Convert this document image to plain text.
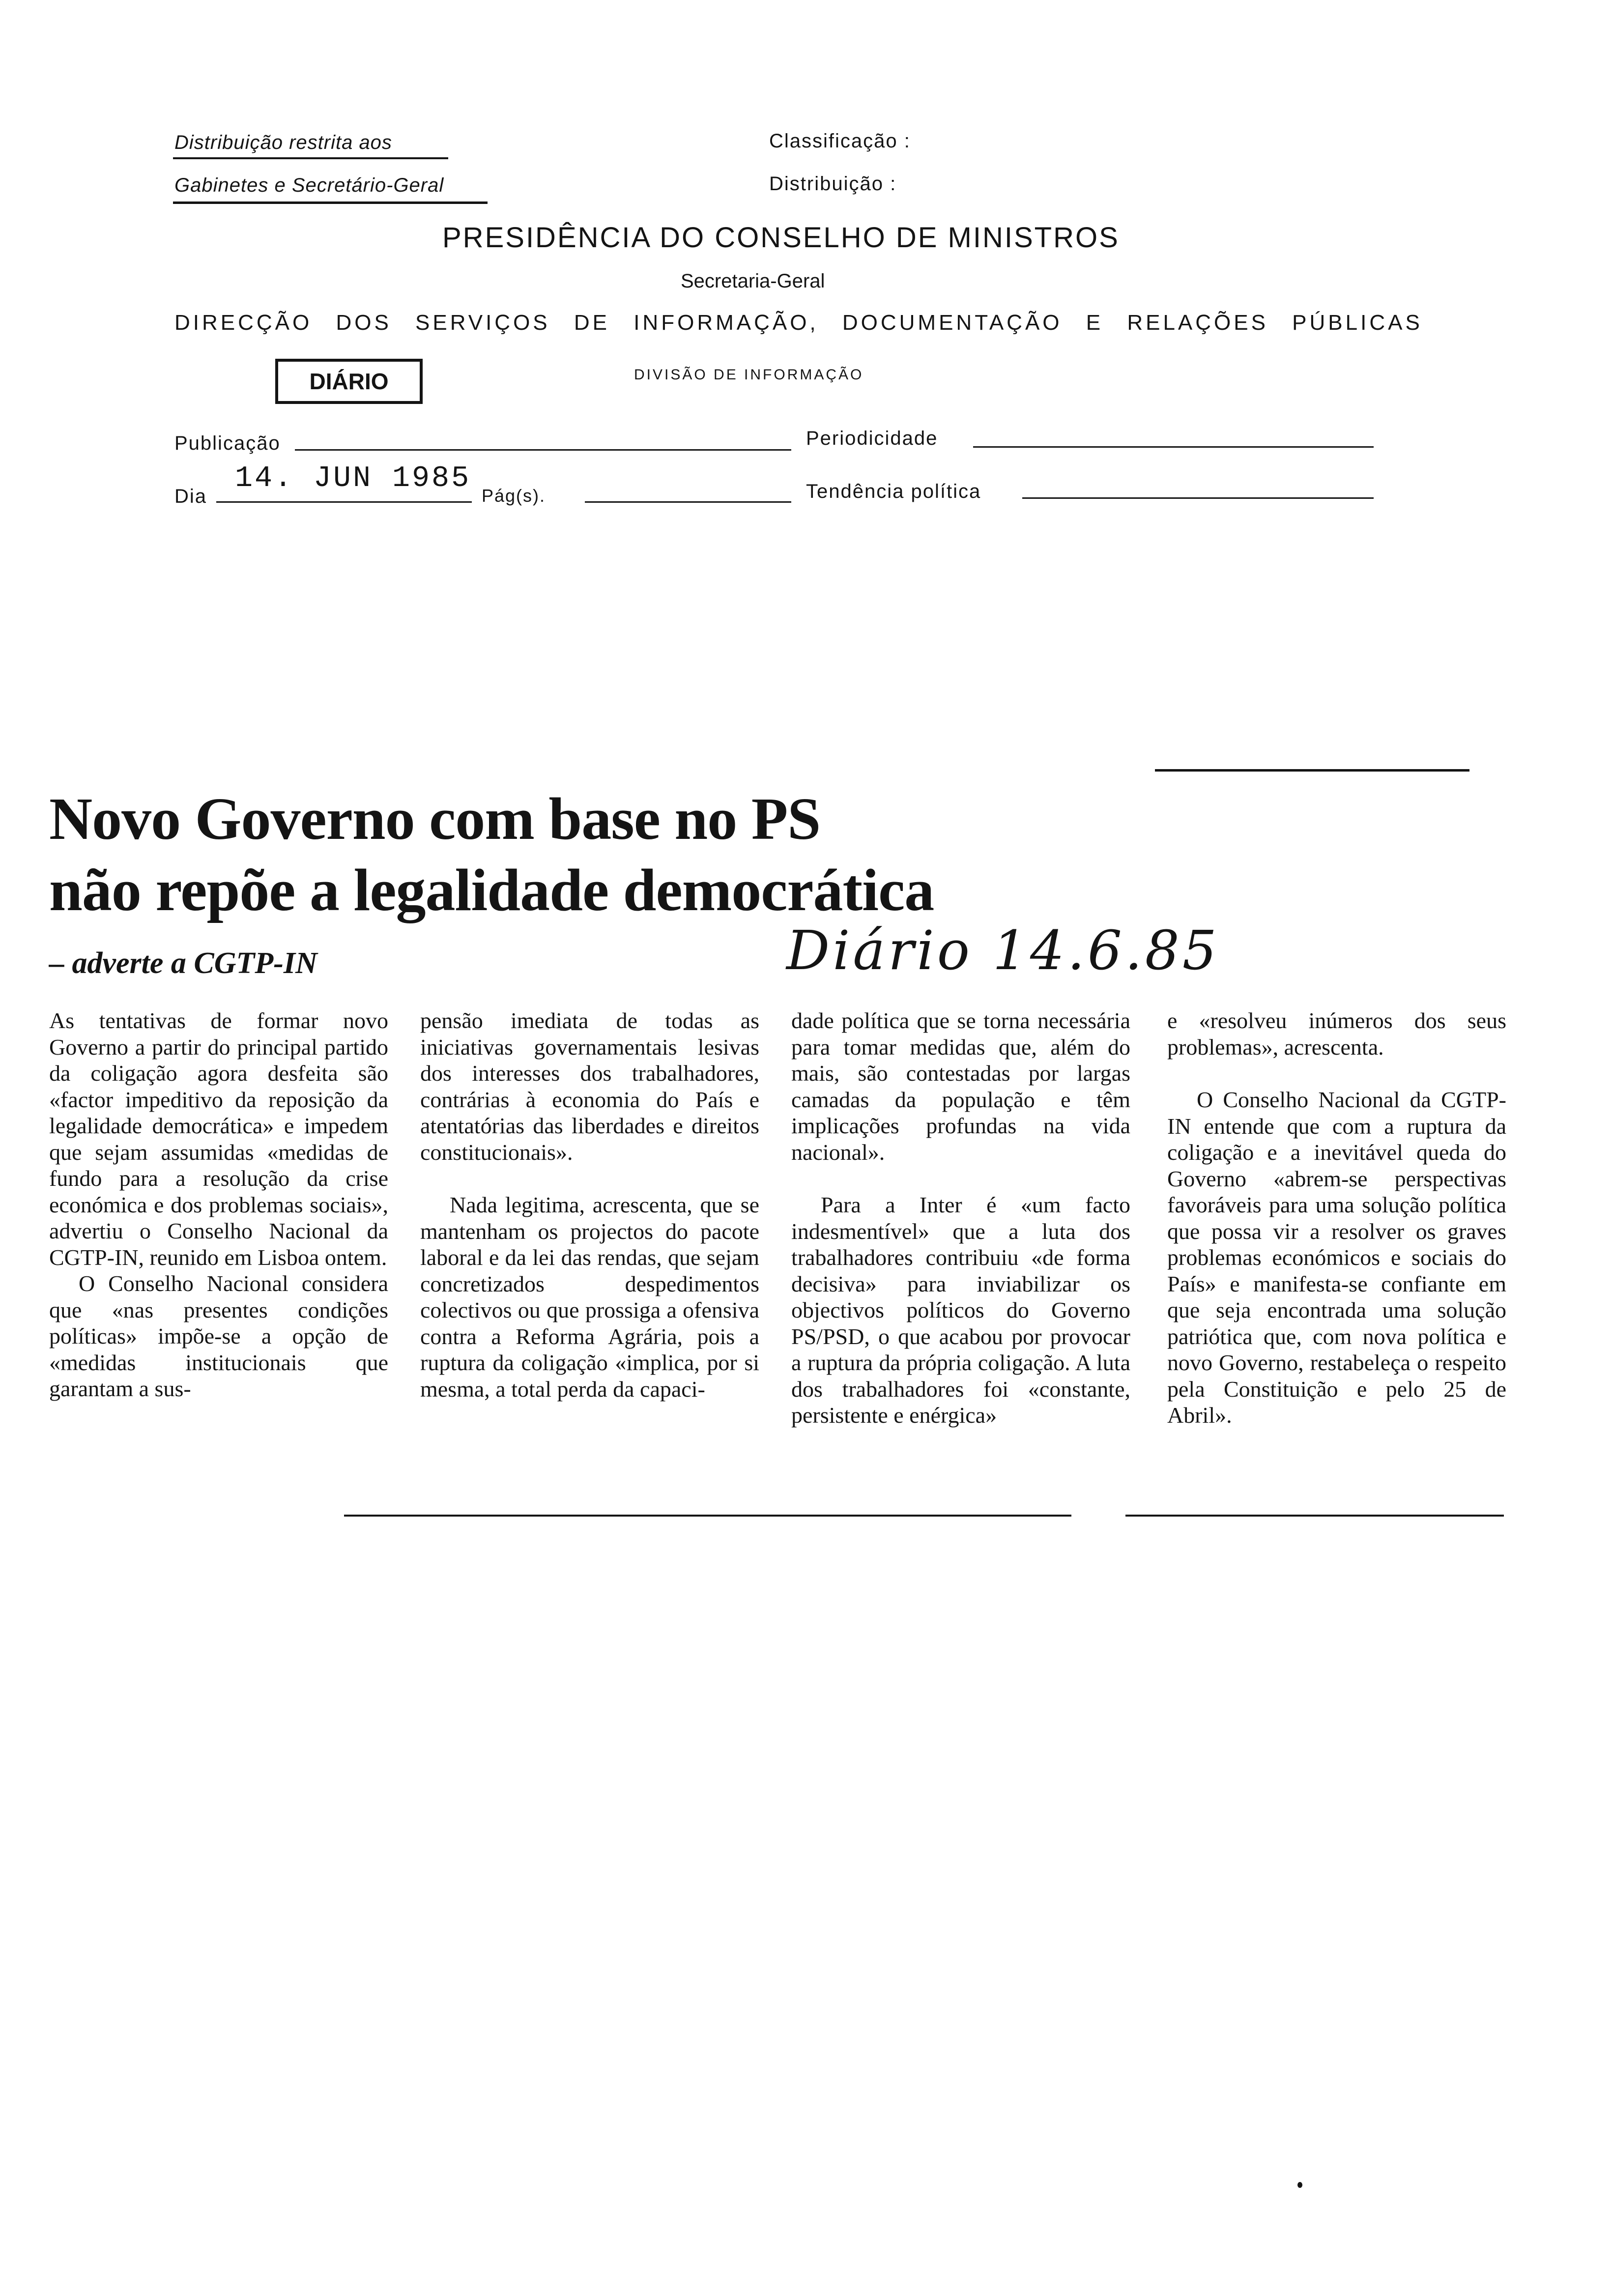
Distribuição restrita aos
Gabinetes e Secretário-Geral
Classificação :
Distribuição :
PRESIDÊNCIA DO CONSELHO DE MINISTROS
Secretaria-Geral
DIRECÇÃO DOS SERVIÇOS DE INFORMAÇÃO, DOCUMENTAÇÃO E RELAÇÕES PÚBLICAS
DIÁRIO	DIVISÃO DE INFORMAÇÃO
Publicação	Periodicidade
Dia
14. JUN 1985
Pág(s).	Tendência política
Novo Governo com base no PS
não repõe a legalidade democrática
– adverte a CGTP-IN	Diário 14.6.85

As tentativas de formar novo Governo a partir do principal partido da coligação agora desfeita são «factor impeditivo da reposição da legalidade democrática» e impedem que sejam assumidas «medidas de fundo para a resolução da crise económica e dos problemas sociais», advertiu o Conselho Nacional da CGTP-IN, reunido em Lisboa ontem.

O Conselho Nacional considera que «nas presentes condições políticas» impõe-se a opção de «medidas institucionais que garantam a sus-

pensão imediata de todas as iniciativas governamentais lesivas dos interesses dos trabalhadores, contrárias à economia do País e atentatórias das liberdades e direitos constitucionais».

Nada legitima, acrescenta, que se mantenham os projectos do pacote laboral e da lei das rendas, que sejam concretizados despedimentos colectivos ou que prossiga a ofensiva contra a Reforma Agrária, pois a ruptura da coligação «implica, por si mesma, a total perda da capaci-

dade política que se torna necessária para tomar medidas que, além do mais, são contestadas por largas camadas da população e têm implicações profundas na vida nacional».

Para a Inter é «um facto indesmentível» que a luta dos trabalhadores contribuiu «de forma decisiva» para inviabilizar os objectivos políticos do Governo PS/PSD, o que acabou por provocar a ruptura da própria coligação. A luta dos trabalhadores foi «constante, persistente e enérgica»

e «resolveu inúmeros dos seus problemas», acrescenta.

O Conselho Nacional da CGTP-IN entende que com a ruptura da coligação e a inevitável queda do Governo «abrem-se perspectivas favoráveis para uma solução política que possa vir a resolver os graves problemas económicos e sociais do País» e manifesta-se confiante em que seja encontrada uma solução patriótica que, com nova política e novo Governo, restabeleça o respeito pela Constituição e pelo 25 de Abril».
